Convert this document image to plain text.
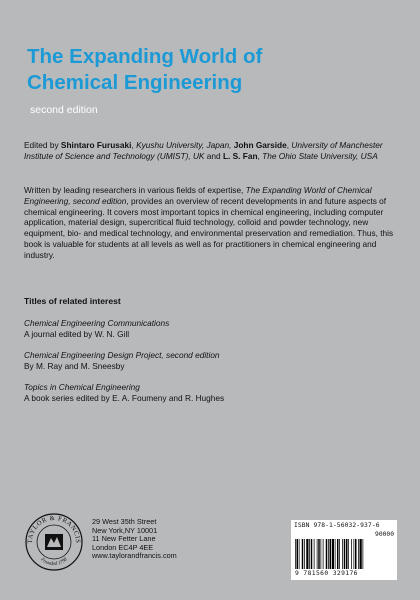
The Expanding World of
Chemical Engineering
second edition

Edited by Shintaro Furusaki, Kyushu University, Japan, John Garside, University of Manchester Institute of Science and Technology (UMIST), UK and L. S. Fan, The Ohio State University, USA

Written by leading researchers in various fields of expertise, The Expanding World of Chemical Engineering, second edition, provides an overview of recent developments in and future aspects of chemical engineering. It covers most important topics in chemical engineering, including computer application, material design, supercritical fluid technology, colloid and powder technology, new equipment, bio- and medical technology, and environmental preservation and remediation. Thus, this book is valuable for students at all levels as well as for practitioners in chemical engineering and industry.

Titles of related interest
Chemical Engineering Communications
A journal edited by W. N. Gill
Chemical Engineering Design Project, second edition
By M. Ray and M. Sneesby
Topics in Chemical Engineering
A book series edited by E. A. Foumeny and R. Hughes
TAYLOR & FRANCIS
Founded 1798
29 West 35th Street
New York,NY 10001
11 New Fetter Lane
London EC4P 4EE
www.taylorandfrancis.com
ISBN 978-1-56032-937-6
90000
9 781560 329176
